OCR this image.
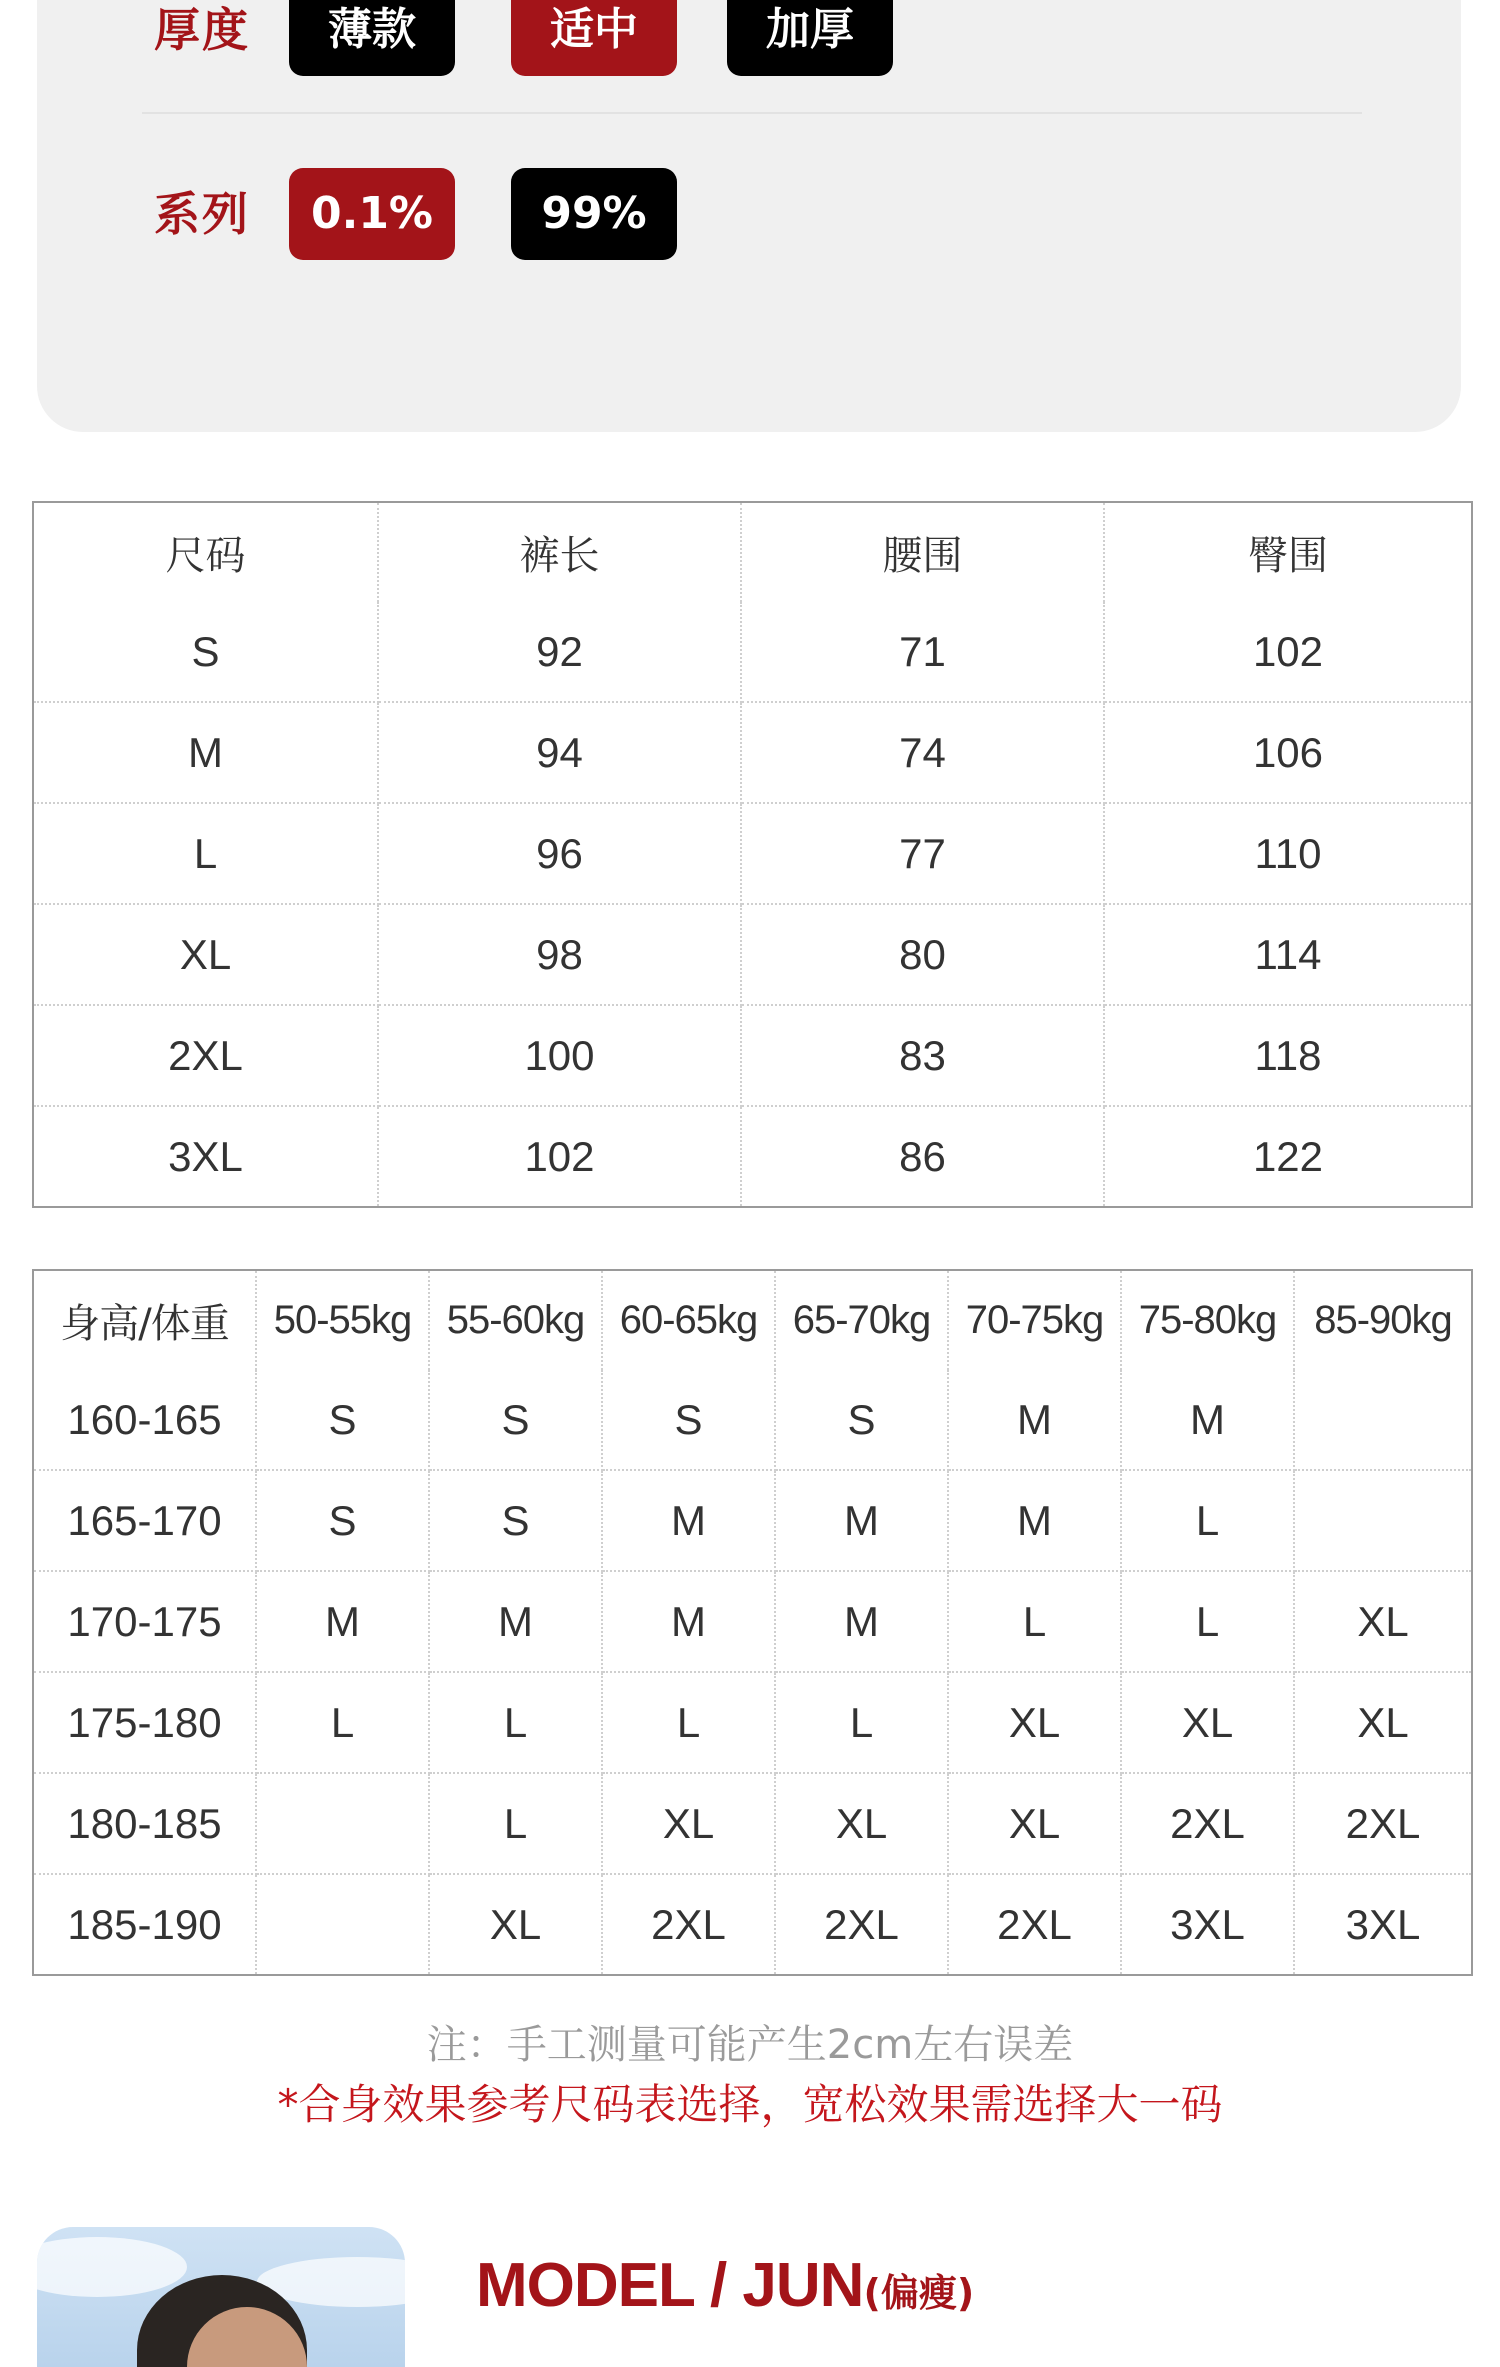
厚度	薄款	适中	加厚
系列	0.1%	99%
尺码	裤长	腰围	臀围
S	92	71	102
M	94	74	106
L	96	77	110
XL	98	80	114
2XL	100	83	118
3XL	102	86	122
身高/体重	50-55kg	55-60kg	60-65kg	65-70kg	70-75kg	75-80kg	85-90kg
160-165	S	S	S	S	M	M	
165-170	S	S	M	M	M	L	
170-175	M	M	M	M	L	L	XL
175-180	L	L	L	L	XL	XL	XL
180-185		L	XL	XL	XL	2XL	2XL
185-190		XL	2XL	2XL	2XL	3XL	3XL
注：手工测量可能产生2cm左右误差
*合身效果参考尺码表选择，宽松效果需选择大一码
MODEL / JUN(偏瘦)
